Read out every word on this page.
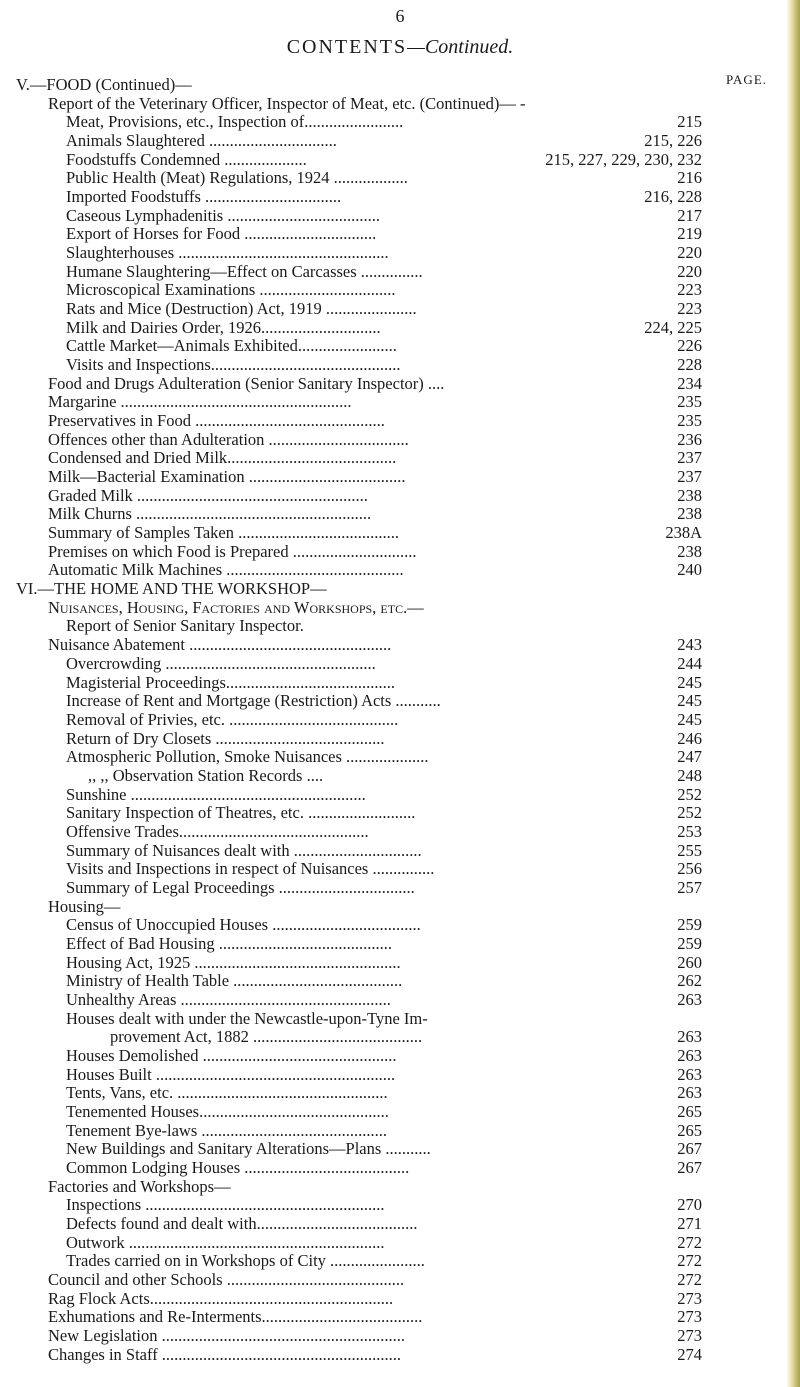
6
CONTENTS—Continued.
PAGE.
V.—FOOD (Continued)—
Report of the Veterinary Officer, Inspector of Meat, etc. (Continued)— -
Meat, Provisions, etc., Inspection of........................	215
Animals Slaughtered ...............................	215, 226
Foodstuffs Condemned ....................	215, 227, 229, 230, 232
Public Health (Meat) Regulations, 1924 ..................	216
Imported Foodstuffs .................................	216, 228
Caseous Lymphadenitis .....................................	217
Export of Horses for Food ................................	219
Slaughterhouses ...................................................	220
Humane Slaughtering—Effect on Carcasses ...............	220
Microscopical Examinations .................................	223
Rats and Mice (Destruction) Act, 1919 ......................	223
Milk and Dairies Order, 1926.............................	224, 225
Cattle Market—Animals Exhibited........................	226
Visits and Inspections..............................................	228
Food and Drugs Adulteration (Senior Sanitary Inspector) ....	234
Margarine ........................................................	235
Preservatives in Food ..............................................	235
Offences other than Adulteration ..................................	236
Condensed and Dried Milk.........................................	237
Milk—Bacterial Examination ......................................	237
Graded Milk ........................................................	238
Milk Churns .........................................................	238
Summary of Samples Taken .......................................	238A
Premises on which Food is Prepared ..............................	238
Automatic Milk Machines ...........................................	240
VI.—THE HOME AND THE WORKSHOP—
Nuisances, Housing, Factories and Workshops, etc.—
Report of Senior Sanitary Inspector.
Nuisance Abatement .................................................	243
Overcrowding ...................................................	244
Magisterial Proceedings.........................................	245
Increase of Rent and Mortgage (Restriction) Acts ...........	245
Removal of Privies, etc. .........................................	245
Return of Dry Closets .........................................	246
Atmospheric Pollution, Smoke Nuisances ....................	247
,, ,, Observation Station Records ....	248
Sunshine .........................................................	252
Sanitary Inspection of Theatres, etc. ..........................	252
Offensive Trades..............................................	253
Summary of Nuisances dealt with ...............................	255
Visits and Inspections in respect of Nuisances ...............	256
Summary of Legal Proceedings .................................	257
Housing—
Census of Unoccupied Houses ....................................	259
Effect of Bad Housing ..........................................	259
Housing Act, 1925 ..................................................	260
Ministry of Health Table .........................................	262
Unhealthy Areas ...................................................	263
Houses dealt with under the Newcastle-upon-Tyne Im-
provement Act, 1882 .........................................	263
Houses Demolished ...............................................	263
Houses Built ..........................................................	263
Tents, Vans, etc. ...................................................	263
Tenemented Houses..............................................	265
Tenement Bye-laws .............................................	265
New Buildings and Sanitary Alterations—Plans ...........	267
Common Lodging Houses ........................................	267
Factories and Workshops—
Inspections ..........................................................	270
Defects found and dealt with.......................................	271
Outwork ..............................................................	272
Trades carried on in Workshops of City .......................	272
Council and other Schools ...........................................	272
Rag Flock Acts...........................................................	273
Exhumations and Re-Interments.......................................	273
New Legislation ...........................................................	273
Changes in Staff ..........................................................	274
